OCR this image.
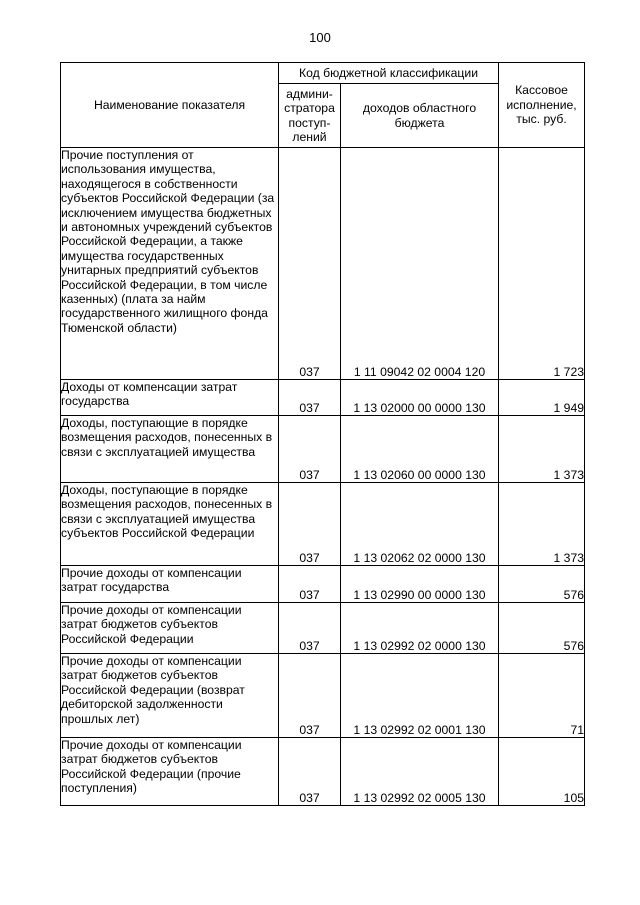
100
Наименование показателя	Код бюджетной классификации		Кассовое исполнение, тыс. руб.
	админи-стратора поступ-лений	доходов областного бюджета	
Прочие поступления от использования имущества, находящегося в собственности субъектов Российской Федерации (за исключением имущества бюджетных и автономных учреждений субъектов Российской Федерации, а также имущества государственных унитарных предприятий субъектов Российской Федерации, в том числе казенных) (плата за найм государственного жилищного фонда Тюменской области)	037	1 11 09042 02 0004 120	1 723
Доходы от компенсации затрат государства	037	1 13 02000 00 0000 130	1 949
Доходы, поступающие в порядке возмещения расходов, понесенных в связи с эксплуатацией имущества	037	1 13 02060 00 0000 130	1 373
Доходы, поступающие в порядке возмещения расходов, понесенных в связи с эксплуатацией имущества субъектов Российской Федерации	037	1 13 02062 02 0000 130	1 373
Прочие доходы от компенсации затрат государства	037	1 13 02990 00 0000 130	576
Прочие доходы от компенсации затрат бюджетов субъектов Российской Федерации	037	1 13 02992 02 0000 130	576
Прочие доходы от компенсации затрат бюджетов субъектов Российской Федерации (возврат дебиторской задолженности прошлых лет)	037	1 13 02992 02 0001 130	71
Прочие доходы от компенсации затрат бюджетов субъектов Российской Федерации (прочие поступления)	037	1 13 02992 02 0005 130	105
